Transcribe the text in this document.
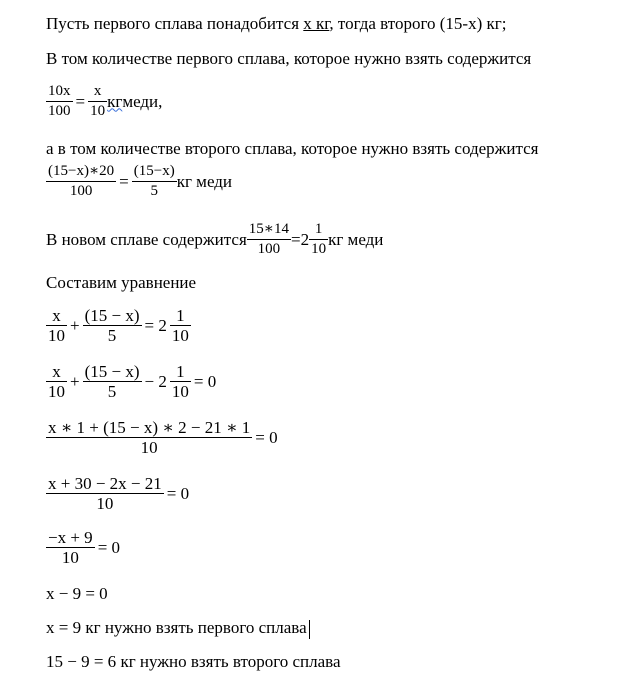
Пусть первого сплава понадобится х кг, тогда второго (15-х) кг;
В том количестве первого сплава, которое нужно взять содержится
$\frac{10x}{100} = \frac{x}{10}$ кг меди,
а в том количестве второго сплава, которое нужно взять содержится
$\frac{(15-x)∗20}{100} = \frac{(15-x)}{5}$ кг меди
В новом сплаве содержится $\frac{15∗14}{100} =2 \frac{1}{10}$ кг меди
Составим уравнение
$\frac{x}{10} + \frac{(15 - x)}{5} = 2 \frac{1}{10}$
$\frac{x}{10} + \frac{(15 - x)}{5} - 2 \frac{1}{10} = 0$
$\frac{x ∗ 1 + (15 - x) ∗ 2 - 21 ∗ 1}{10} = 0$
$\frac{x + 30 - 2x - 21}{10} = 0$
$\frac{-x + 9}{10} = 0$
x − 9 = 0
x = 9 кг нужно взять первого сплава
15 − 9 = 6 кг нужно взять второго сплава
